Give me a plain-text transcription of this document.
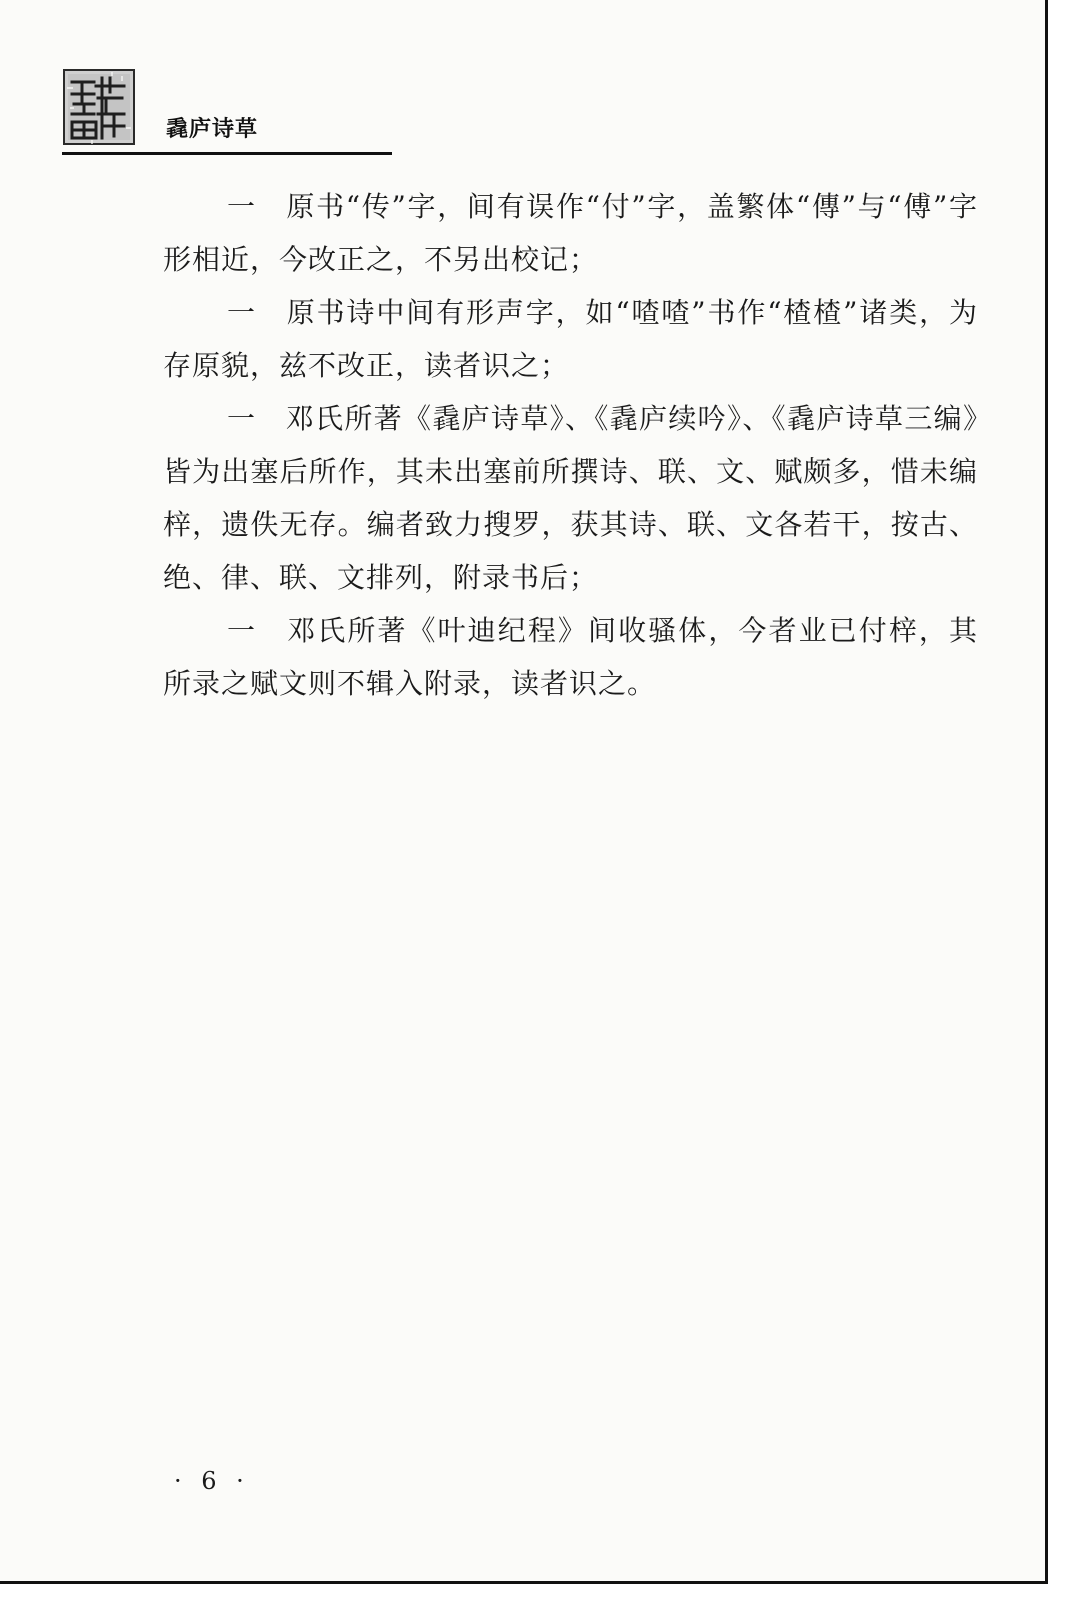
毳庐诗草

一　原书“传”字，间有误作“付”字，盖繁体“傳”与“傅”字形相近，今改正之，不另出校记；

一　原书诗中间有形声字，如“喳喳”书作“楂楂”诸类，为存原貌，兹不改正，读者识之；

一　邓氏所著《毳庐诗草》、《毳庐续吟》、《毳庐诗草三编》皆为出塞后所作，其未出塞前所撰诗、联、文、赋颇多，惜未编梓，遗佚无存。编者致力搜罗，获其诗、联、文各若干，按古、绝、律、联、文排列，附录书后；

一　邓氏所著《叶迪纪程》间收骚体，今者业已付梓，其所录之赋文则不辑入附录，读者识之。

· 6 ·
